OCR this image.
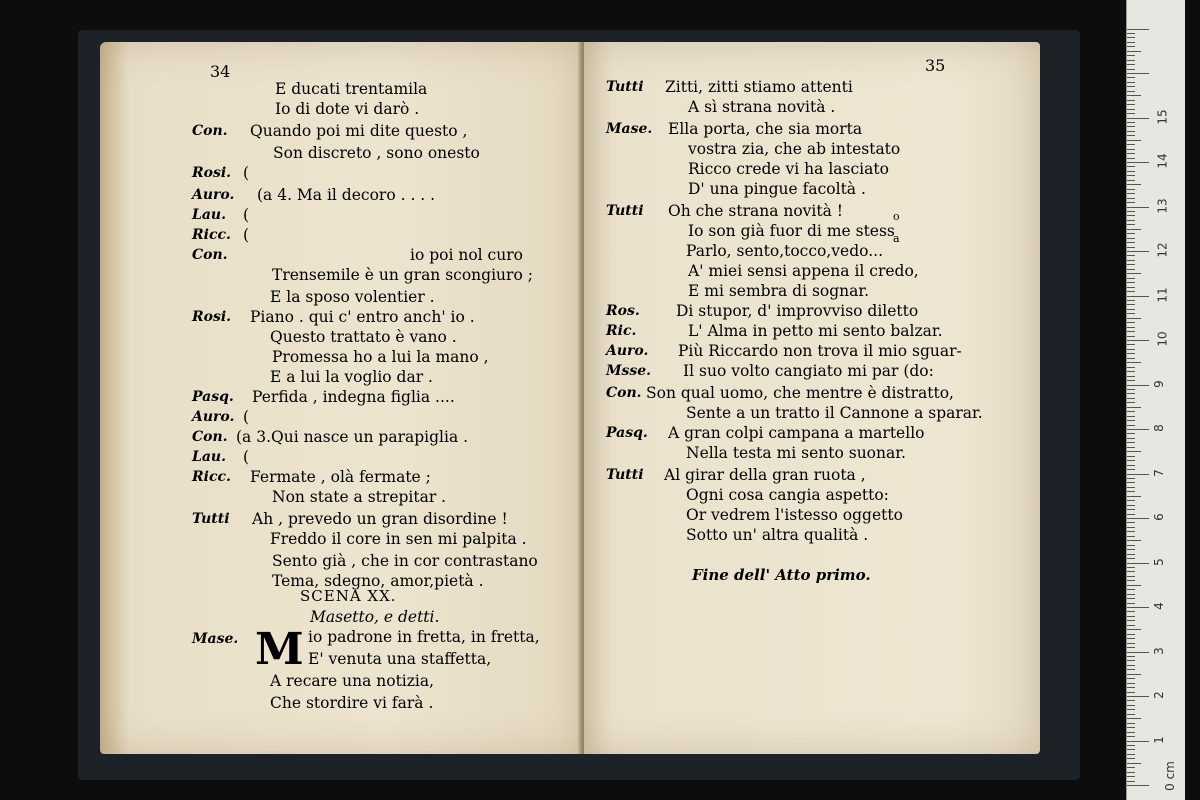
E ducati trentamila
Io di dote vi darò .
Con. Quando poi mi dite questo ,
Son discreto , sono onesto
Rosi. (
Auro. (a 4. Ma il decoro . . . .
Lau. (
Ricc. (
Con.	io poi nol curo
Trensemile è un gran scongiuro ;
E la sposo volentier .
Rosi. Piano . qui c' entro anch' io .
Questo trattato è vano .
Promessa ho a lui la mano ,
E a lui la voglio dar .
Pasq. Perfida , indegna figlia ....
Auro. (
Con. (a 3.Qui nasce un parapiglia .
Lau. (
Ricc. Fermate , olà fermate ;
Non state a strepitar .
Tutti Ah , prevedo un gran disordine !
Freddo il core in sen mi palpita .
Sento già , che in cor contrastano
Tema, sdegno, amor,pietà .
io padrone in fretta, in fretta,
E' venuta una staffetta,
A recare una notizia,
Che stordire vi farà .
Tutti Zitti, zitti stiamo attenti
A sì strana novità .
Mase. Ella porta, che sia morta
vostra zia, che ab intestato
Ricco crede vi ha lasciato
D' una pingue facoltà .
Tutti Oh che strana novità !
Io son già fuor di me stess
Parlo, sento,tocco,vedo...
A' miei sensi appena il credo,
E mi sembra di sognar.
Ros. Di stupor, d' improvviso diletto
Ric.	L' Alma in petto mi sento balzar.
Auro. Più Riccardo non trova il mio sguar-
Msse. Il suo volto cangiato mi par (do:
Con. Son qual uomo, che mentre è distratto,
Sente a un tratto il Cannone a sparar.
Pasq. A gran colpi campana a martello
Nella testa mi sento suonar.
Tutti Al girar della gran ruota ,
Ogni cosa cangia aspetto:
Or vedrem l'istesso oggetto
Sotto un' altra qualità .
34	35
SCENA XX.
Masetto, e detti.
Mase. M
Fine dell' Atto primo.
o
a
0 cm
1
2
3
4
5
6
7
8
9
10
11
12
13
14
15
